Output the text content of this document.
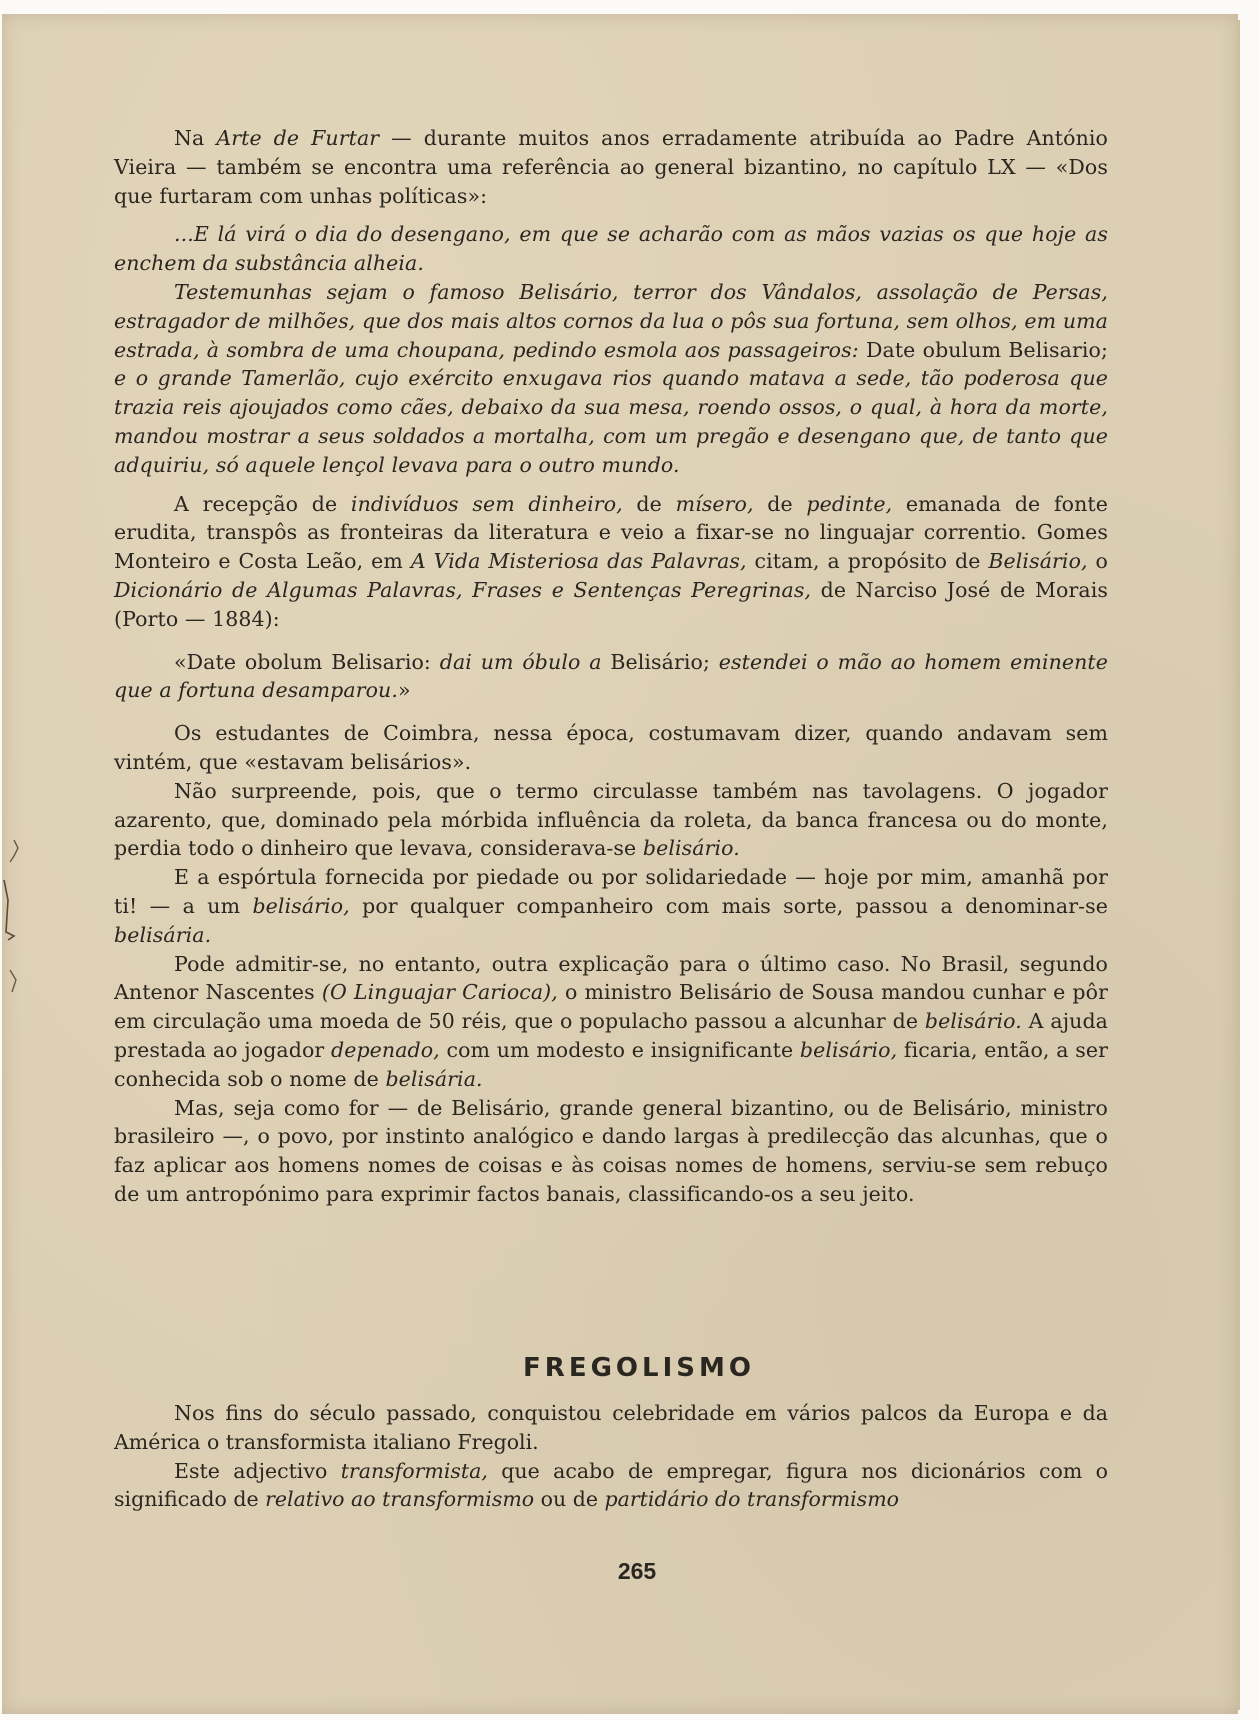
Na Arte de Furtar — durante muitos anos erradamente atribuída ao Padre António Vieira — também se encontra uma referência ao general bizantino, no capítulo LX — «Dos que furtaram com unhas políticas»:

...E lá virá o dia do desengano, em que se acharão com as mãos vazias os que hoje as enchem da substância alheia.

Testemunhas sejam o famoso Belisário, terror dos Vândalos, assolação de Persas, estragador de milhões, que dos mais altos cornos da lua o pôs sua fortuna, sem olhos, em uma estrada, à sombra de uma choupana, pedindo esmola aos passageiros: Date obulum Belisario; e o grande Tamerlão, cujo exército enxugava rios quando matava a sede, tão poderosa que trazia reis ajoujados como cães, debaixo da sua mesa, roendo ossos, o qual, à hora da morte, mandou mostrar a seus soldados a mortalha, com um pregão e desengano que, de tanto que adquiriu, só aquele lençol levava para o outro mundo.

A recepção de indivíduos sem dinheiro, de mísero, de pedinte, emanada de fonte erudita, transpôs as fronteiras da literatura e veio a fixar-se no linguajar correntio. Gomes Monteiro e Costa Leão, em A Vida Misteriosa das Palavras, citam, a propósito de Belisário, o Dicionário de Algumas Palavras, Frases e Sentenças Peregrinas, de Narciso José de Morais (Porto — 1884):

«Date obolum Belisario: dai um óbulo a Belisário; estendei o mão ao homem eminente que a fortuna desamparou.»

Os estudantes de Coimbra, nessa época, costumavam dizer, quando andavam sem vintém, que «estavam belisários».

Não surpreende, pois, que o termo circulasse também nas tavolagens. O jogador azarento, que, dominado pela mórbida influência da roleta, da banca francesa ou do monte, perdia todo o dinheiro que levava, considerava-se belisário.

E a espórtula fornecida por piedade ou por solidariedade — hoje por mim, amanhã por ti! — a um belisário, por qualquer companheiro com mais sorte, passou a denominar-se belisária.

Pode admitir-se, no entanto, outra explicação para o último caso. No Brasil, segundo Antenor Nascentes (O Linguajar Carioca), o ministro Belisário de Sousa mandou cunhar e pôr em circulação uma moeda de 50 réis, que o populacho passou a alcunhar de belisário. A ajuda prestada ao jogador depenado, com um modesto e insignificante belisário, ficaria, então, a ser conhecida sob o nome de belisária.

Mas, seja como for — de Belisário, grande general bizantino, ou de Belisário, ministro brasileiro —, o povo, por instinto analógico e dando largas à predilecção das alcunhas, que o faz aplicar aos homens nomes de coisas e às coisas nomes de homens, serviu-se sem rebuço de um antropónimo para exprimir factos banais, classificando-os a seu jeito.

FREGOLISMO

Nos fins do século passado, conquistou celebridade em vários palcos da Europa e da América o transformista italiano Fregoli.

Este adjectivo transformista, que acabo de empregar, figura nos dicionários com o significado de relativo ao transformismo ou de partidário do transformismo

265
